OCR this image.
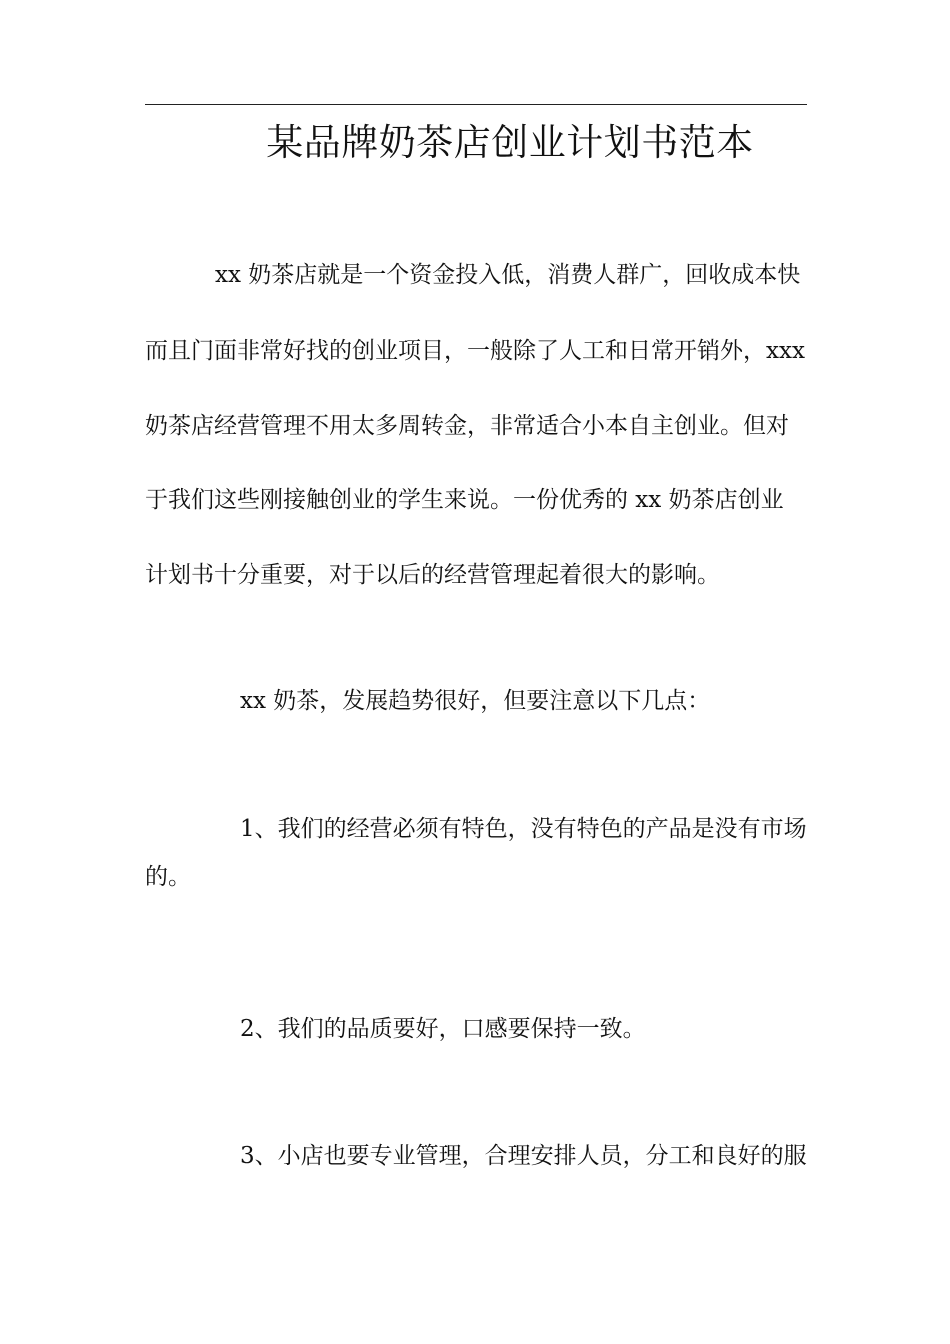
某品牌奶茶店创业计划书范本
xx 奶茶店就是一个资金投入低，消费人群广，回收成本快
而且门面非常好找的创业项目，一般除了人工和日常开销外，xxx
奶茶店经营管理不用太多周转金，非常适合小本自主创业。但对
于我们这些刚接触创业的学生来说。一份优秀的 xx 奶茶店创业
计划书十分重要，对于以后的经营管理起着很大的影响。
xx 奶茶，发展趋势很好，但要注意以下几点：
1、我们的经营必须有特色，没有特色的产品是没有市场
的。
2、我们的品质要好，口感要保持一致。
3、小店也要专业管理，合理安排人员，分工和良好的服
